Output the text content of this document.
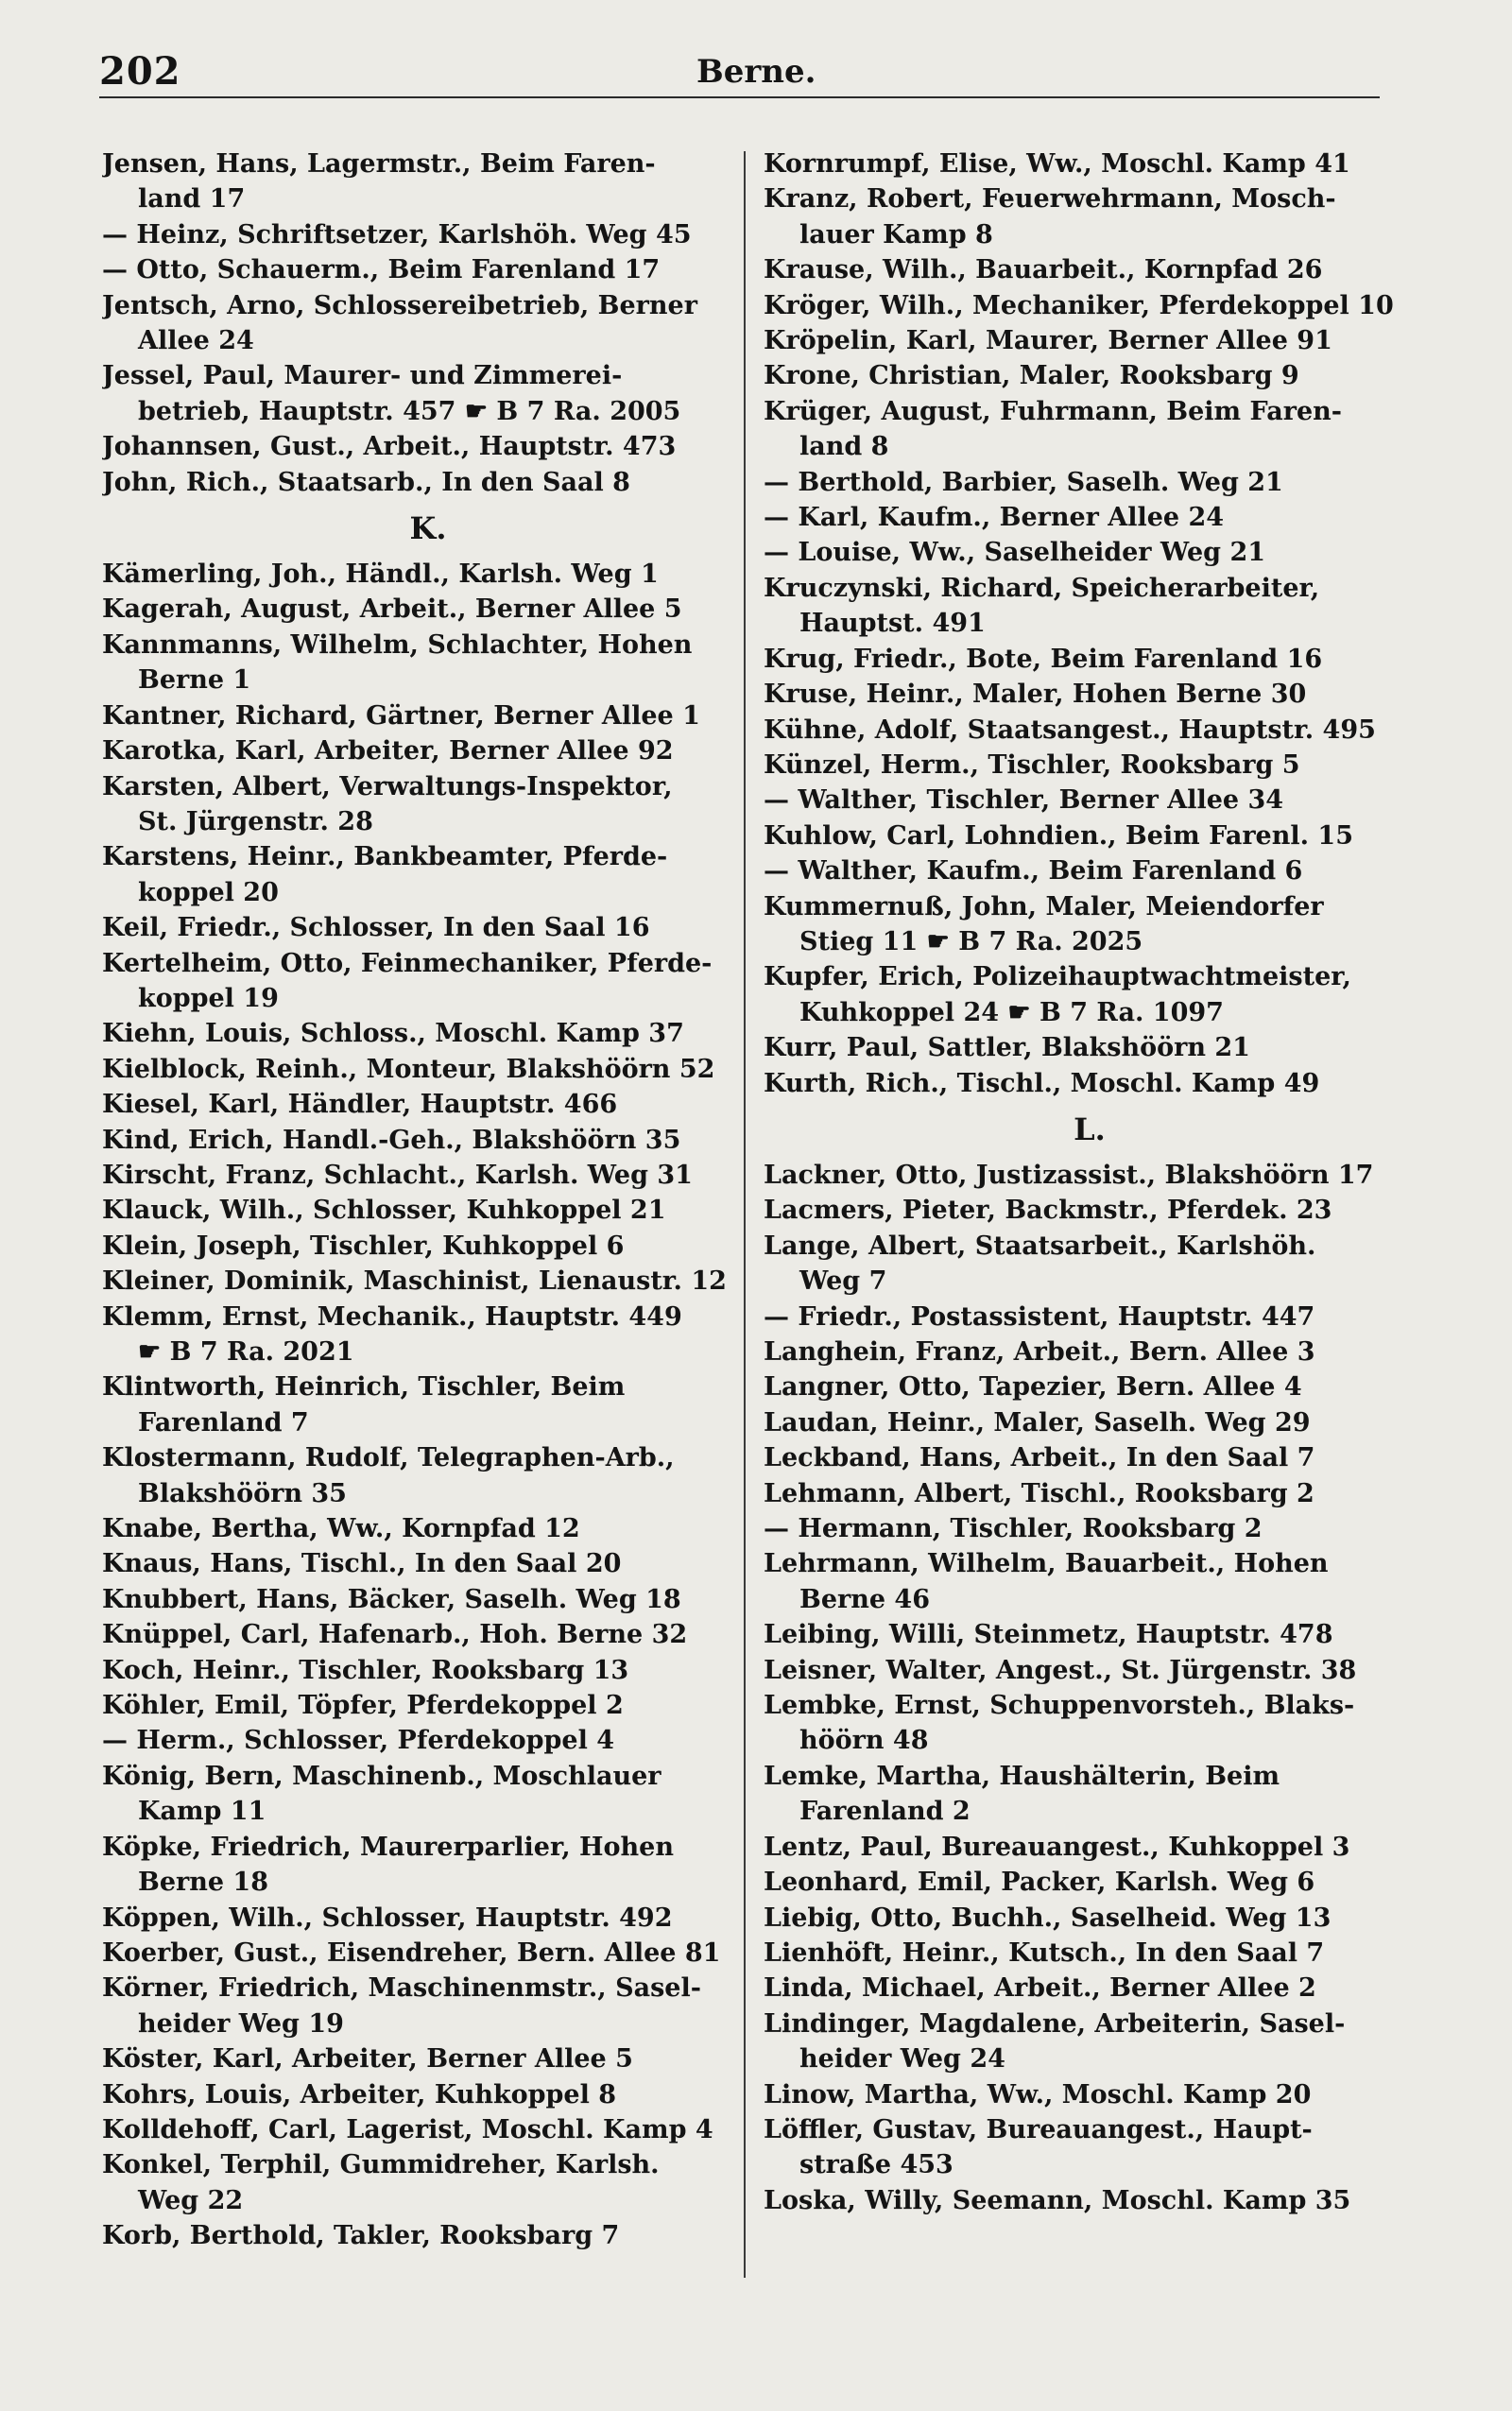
202	Berne.
Jensen, Hans, Lagermstr., Beim Faren-
land 17
— Heinz, Schriftsetzer, Karlshöh. Weg 45
— Otto, Schauerm., Beim Farenland 17
Jentsch, Arno, Schlossereibetrieb, Berner
Allee 24
Jessel, Paul, Maurer- und Zimmerei-
betrieb, Hauptstr. 457 ☛ B 7 Ra. 2005
Johannsen, Gust., Arbeit., Hauptstr. 473
John, Rich., Staatsarb., In den Saal 8
K.
Kämerling, Joh., Händl., Karlsh. Weg 1
Kagerah, August, Arbeit., Berner Allee 5
Kannmanns, Wilhelm, Schlachter, Hohen
Berne 1
Kantner, Richard, Gärtner, Berner Allee 1
Karotka, Karl, Arbeiter, Berner Allee 92
Karsten, Albert, Verwaltungs-Inspektor,
St. Jürgenstr. 28
Karstens, Heinr., Bankbeamter, Pferde-
koppel 20
Keil, Friedr., Schlosser, In den Saal 16
Kertelheim, Otto, Feinmechaniker, Pferde-
koppel 19
Kiehn, Louis, Schloss., Moschl. Kamp 37
Kielblock, Reinh., Monteur, Blakshöörn 52
Kiesel, Karl, Händler, Hauptstr. 466
Kind, Erich, Handl.-Geh., Blakshöörn 35
Kirscht, Franz, Schlacht., Karlsh. Weg 31
Klauck, Wilh., Schlosser, Kuhkoppel 21
Klein, Joseph, Tischler, Kuhkoppel 6
Kleiner, Dominik, Maschinist, Lienaustr. 12
Klemm, Ernst, Mechanik., Hauptstr. 449
☛ B 7 Ra. 2021
Klintworth, Heinrich, Tischler, Beim
Farenland 7
Klostermann, Rudolf, Telegraphen-Arb.,
Blakshöörn 35
Knabe, Bertha, Ww., Kornpfad 12
Knaus, Hans, Tischl., In den Saal 20
Knubbert, Hans, Bäcker, Saselh. Weg 18
Knüppel, Carl, Hafenarb., Hoh. Berne 32
Koch, Heinr., Tischler, Rooksbarg 13
Köhler, Emil, Töpfer, Pferdekoppel 2
— Herm., Schlosser, Pferdekoppel 4
König, Bern, Maschinenb., Moschlauer
Kamp 11
Köpke, Friedrich, Maurerparlier, Hohen
Berne 18
Köppen, Wilh., Schlosser, Hauptstr. 492
Koerber, Gust., Eisendreher, Bern. Allee 81
Körner, Friedrich, Maschinenmstr., Sasel-
heider Weg 19
Köster, Karl, Arbeiter, Berner Allee 5
Kohrs, Louis, Arbeiter, Kuhkoppel 8
Kolldehoff, Carl, Lagerist, Moschl. Kamp 4
Konkel, Terphil, Gummidreher, Karlsh.
Weg 22
Korb, Berthold, Takler, Rooksbarg 7
Kornrumpf, Elise, Ww., Moschl. Kamp 41
Kranz, Robert, Feuerwehrmann, Mosch-
lauer Kamp 8
Krause, Wilh., Bauarbeit., Kornpfad 26
Kröger, Wilh., Mechaniker, Pferdekoppel 10
Kröpelin, Karl, Maurer, Berner Allee 91
Krone, Christian, Maler, Rooksbarg 9
Krüger, August, Fuhrmann, Beim Faren-
land 8
— Berthold, Barbier, Saselh. Weg 21
— Karl, Kaufm., Berner Allee 24
— Louise, Ww., Saselheider Weg 21
Kruczynski, Richard, Speicherarbeiter,
Hauptst. 491
Krug, Friedr., Bote, Beim Farenland 16
Kruse, Heinr., Maler, Hohen Berne 30
Kühne, Adolf, Staatsangest., Hauptstr. 495
Künzel, Herm., Tischler, Rooksbarg 5
— Walther, Tischler, Berner Allee 34
Kuhlow, Carl, Lohndien., Beim Farenl. 15
— Walther, Kaufm., Beim Farenland 6
Kummernuß, John, Maler, Meiendorfer
Stieg 11 ☛ B 7 Ra. 2025
Kupfer, Erich, Polizeihauptwachtmeister,
Kuhkoppel 24 ☛ B 7 Ra. 1097
Kurr, Paul, Sattler, Blakshöörn 21
Kurth, Rich., Tischl., Moschl. Kamp 49
L.
Lackner, Otto, Justizassist., Blakshöörn 17
Lacmers, Pieter, Backmstr., Pferdek. 23
Lange, Albert, Staatsarbeit., Karlshöh.
Weg 7
— Friedr., Postassistent, Hauptstr. 447
Langhein, Franz, Arbeit., Bern. Allee 3
Langner, Otto, Tapezier, Bern. Allee 4
Laudan, Heinr., Maler, Saselh. Weg 29
Leckband, Hans, Arbeit., In den Saal 7
Lehmann, Albert, Tischl., Rooksbarg 2
— Hermann, Tischler, Rooksbarg 2
Lehrmann, Wilhelm, Bauarbeit., Hohen
Berne 46
Leibing, Willi, Steinmetz, Hauptstr. 478
Leisner, Walter, Angest., St. Jürgenstr. 38
Lembke, Ernst, Schuppenvorsteh., Blaks-
höörn 48
Lemke, Martha, Haushälterin, Beim
Farenland 2
Lentz, Paul, Bureauangest., Kuhkoppel 3
Leonhard, Emil, Packer, Karlsh. Weg 6
Liebig, Otto, Buchh., Saselheid. Weg 13
Lienhöft, Heinr., Kutsch., In den Saal 7
Linda, Michael, Arbeit., Berner Allee 2
Lindinger, Magdalene, Arbeiterin, Sasel-
heider Weg 24
Linow, Martha, Ww., Moschl. Kamp 20
Löffler, Gustav, Bureauangest., Haupt-
straße 453
Loska, Willy, Seemann, Moschl. Kamp 35
